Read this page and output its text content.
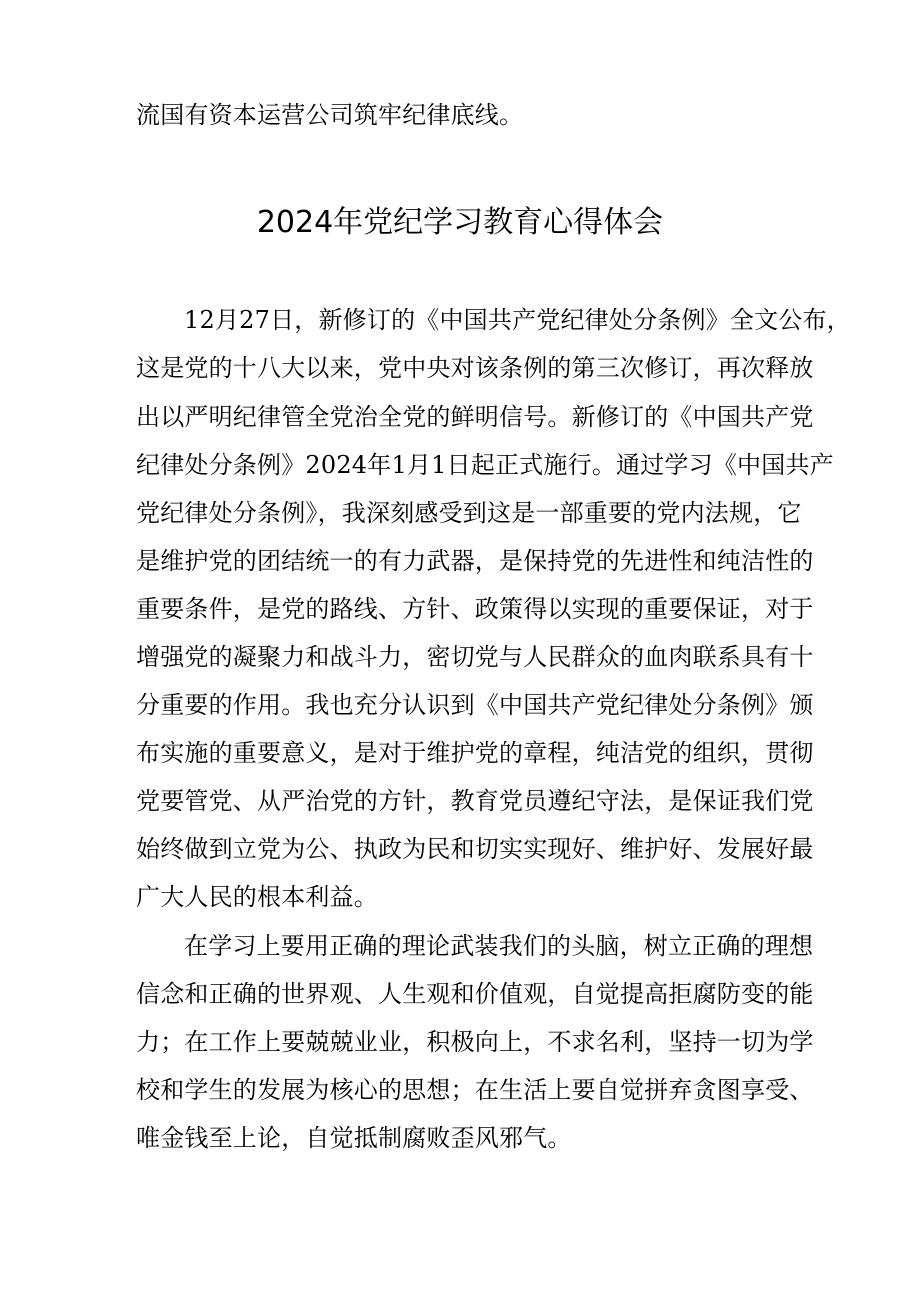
流国有资本运营公司筑牢纪律底线。
2024年党纪学习教育心得体会
12月27日，新修订的《中国共产党纪律处分条例》全文公布，
这是党的十八大以来，党中央对该条例的第三次修订，再次释放
出以严明纪律管全党治全党的鲜明信号。新修订的《中国共产党
纪律处分条例》2024年1月1日起正式施行。通过学习《中国共产
党纪律处分条例》，我深刻感受到这是一部重要的党内法规，它
是维护党的团结统一的有力武器，是保持党的先进性和纯洁性的
重要条件，是党的路线、方针、政策得以实现的重要保证，对于
增强党的凝聚力和战斗力，密切党与人民群众的血肉联系具有十
分重要的作用。我也充分认识到《中国共产党纪律处分条例》颁
布实施的重要意义，是对于维护党的章程，纯洁党的组织，贯彻
党要管党、从严治党的方针，教育党员遵纪守法，是保证我们党
始终做到立党为公、执政为民和切实实现好、维护好、发展好最
广大人民的根本利益。
在学习上要用正确的理论武装我们的头脑，树立正确的理想
信念和正确的世界观、人生观和价值观，自觉提高拒腐防变的能
力；在工作上要兢兢业业，积极向上，不求名利，坚持一切为学
校和学生的发展为核心的思想；在生活上要自觉拼弃贪图享受、
唯金钱至上论，自觉抵制腐败歪风邪气。
